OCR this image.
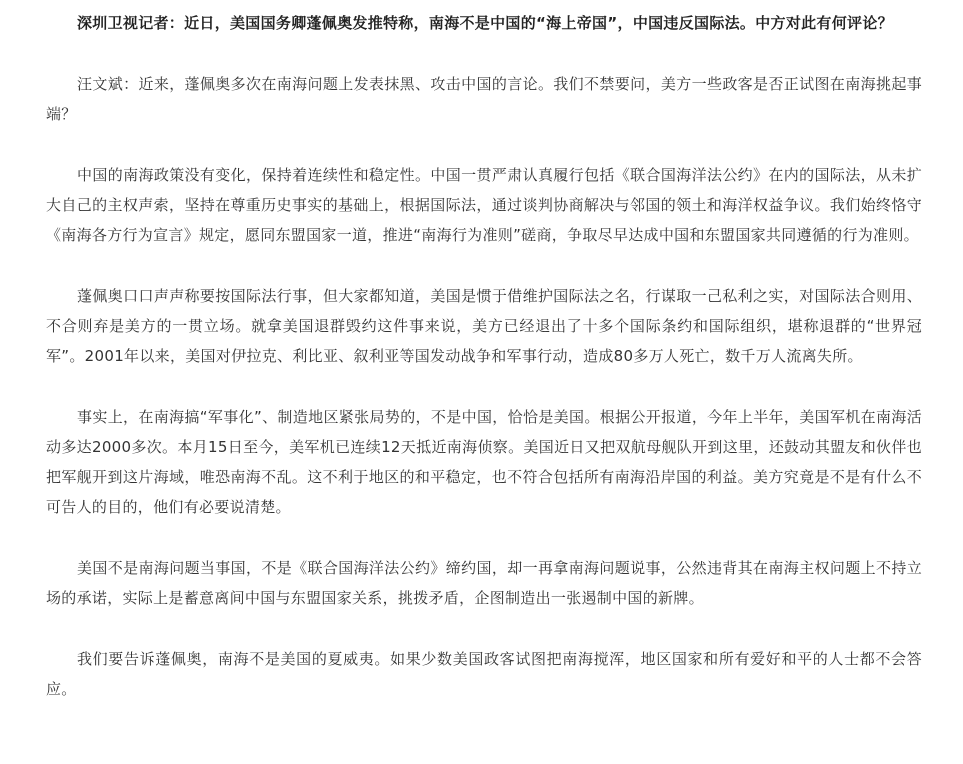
深圳卫视记者：近日，美国国务卿蓬佩奥发推特称，南海不是中国的“海上帝国”，中国违反国际法。中方对此有何评论？

汪文斌：近来，蓬佩奥多次在南海问题上发表抹黑、攻击中国的言论。我们不禁要问，美方一些政客是否正试图在南海挑起事端？

中国的南海政策没有变化，保持着连续性和稳定性。中国一贯严肃认真履行包括《联合国海洋法公约》在内的国际法，从未扩大自己的主权声索，坚持在尊重历史事实的基础上，根据国际法，通过谈判协商解决与邻国的领土和海洋权益争议。我们始终恪守《南海各方行为宣言》规定，愿同东盟国家一道，推进“南海行为准则”磋商，争取尽早达成中国和东盟国家共同遵循的行为准则。

蓬佩奥口口声声称要按国际法行事，但大家都知道，美国是惯于借维护国际法之名，行谋取一己私利之实，对国际法合则用、不合则弃是美方的一贯立场。就拿美国退群毁约这件事来说，美方已经退出了十多个国际条约和国际组织，堪称退群的“世界冠军”。2001年以来，美国对伊拉克、利比亚、叙利亚等国发动战争和军事行动，造成80多万人死亡，数千万人流离失所。

事实上，在南海搞“军事化”、制造地区紧张局势的，不是中国，恰恰是美国。根据公开报道，今年上半年，美国军机在南海活动多达2000多次。本月15日至今，美军机已连续12天抵近南海侦察。美国近日又把双航母舰队开到这里，还鼓动其盟友和伙伴也把军舰开到这片海域，唯恐南海不乱。这不利于地区的和平稳定，也不符合包括所有南海沿岸国的利益。美方究竟是不是有什么不可告人的目的，他们有必要说清楚。

美国不是南海问题当事国，不是《联合国海洋法公约》缔约国，却一再拿南海问题说事，公然违背其在南海主权问题上不持立场的承诺，实际上是蓄意离间中国与东盟国家关系，挑拨矛盾，企图制造出一张遏制中国的新牌。

我们要告诉蓬佩奥，南海不是美国的夏威夷。如果少数美国政客试图把南海搅浑，地区国家和所有爱好和平的人士都不会答应。
